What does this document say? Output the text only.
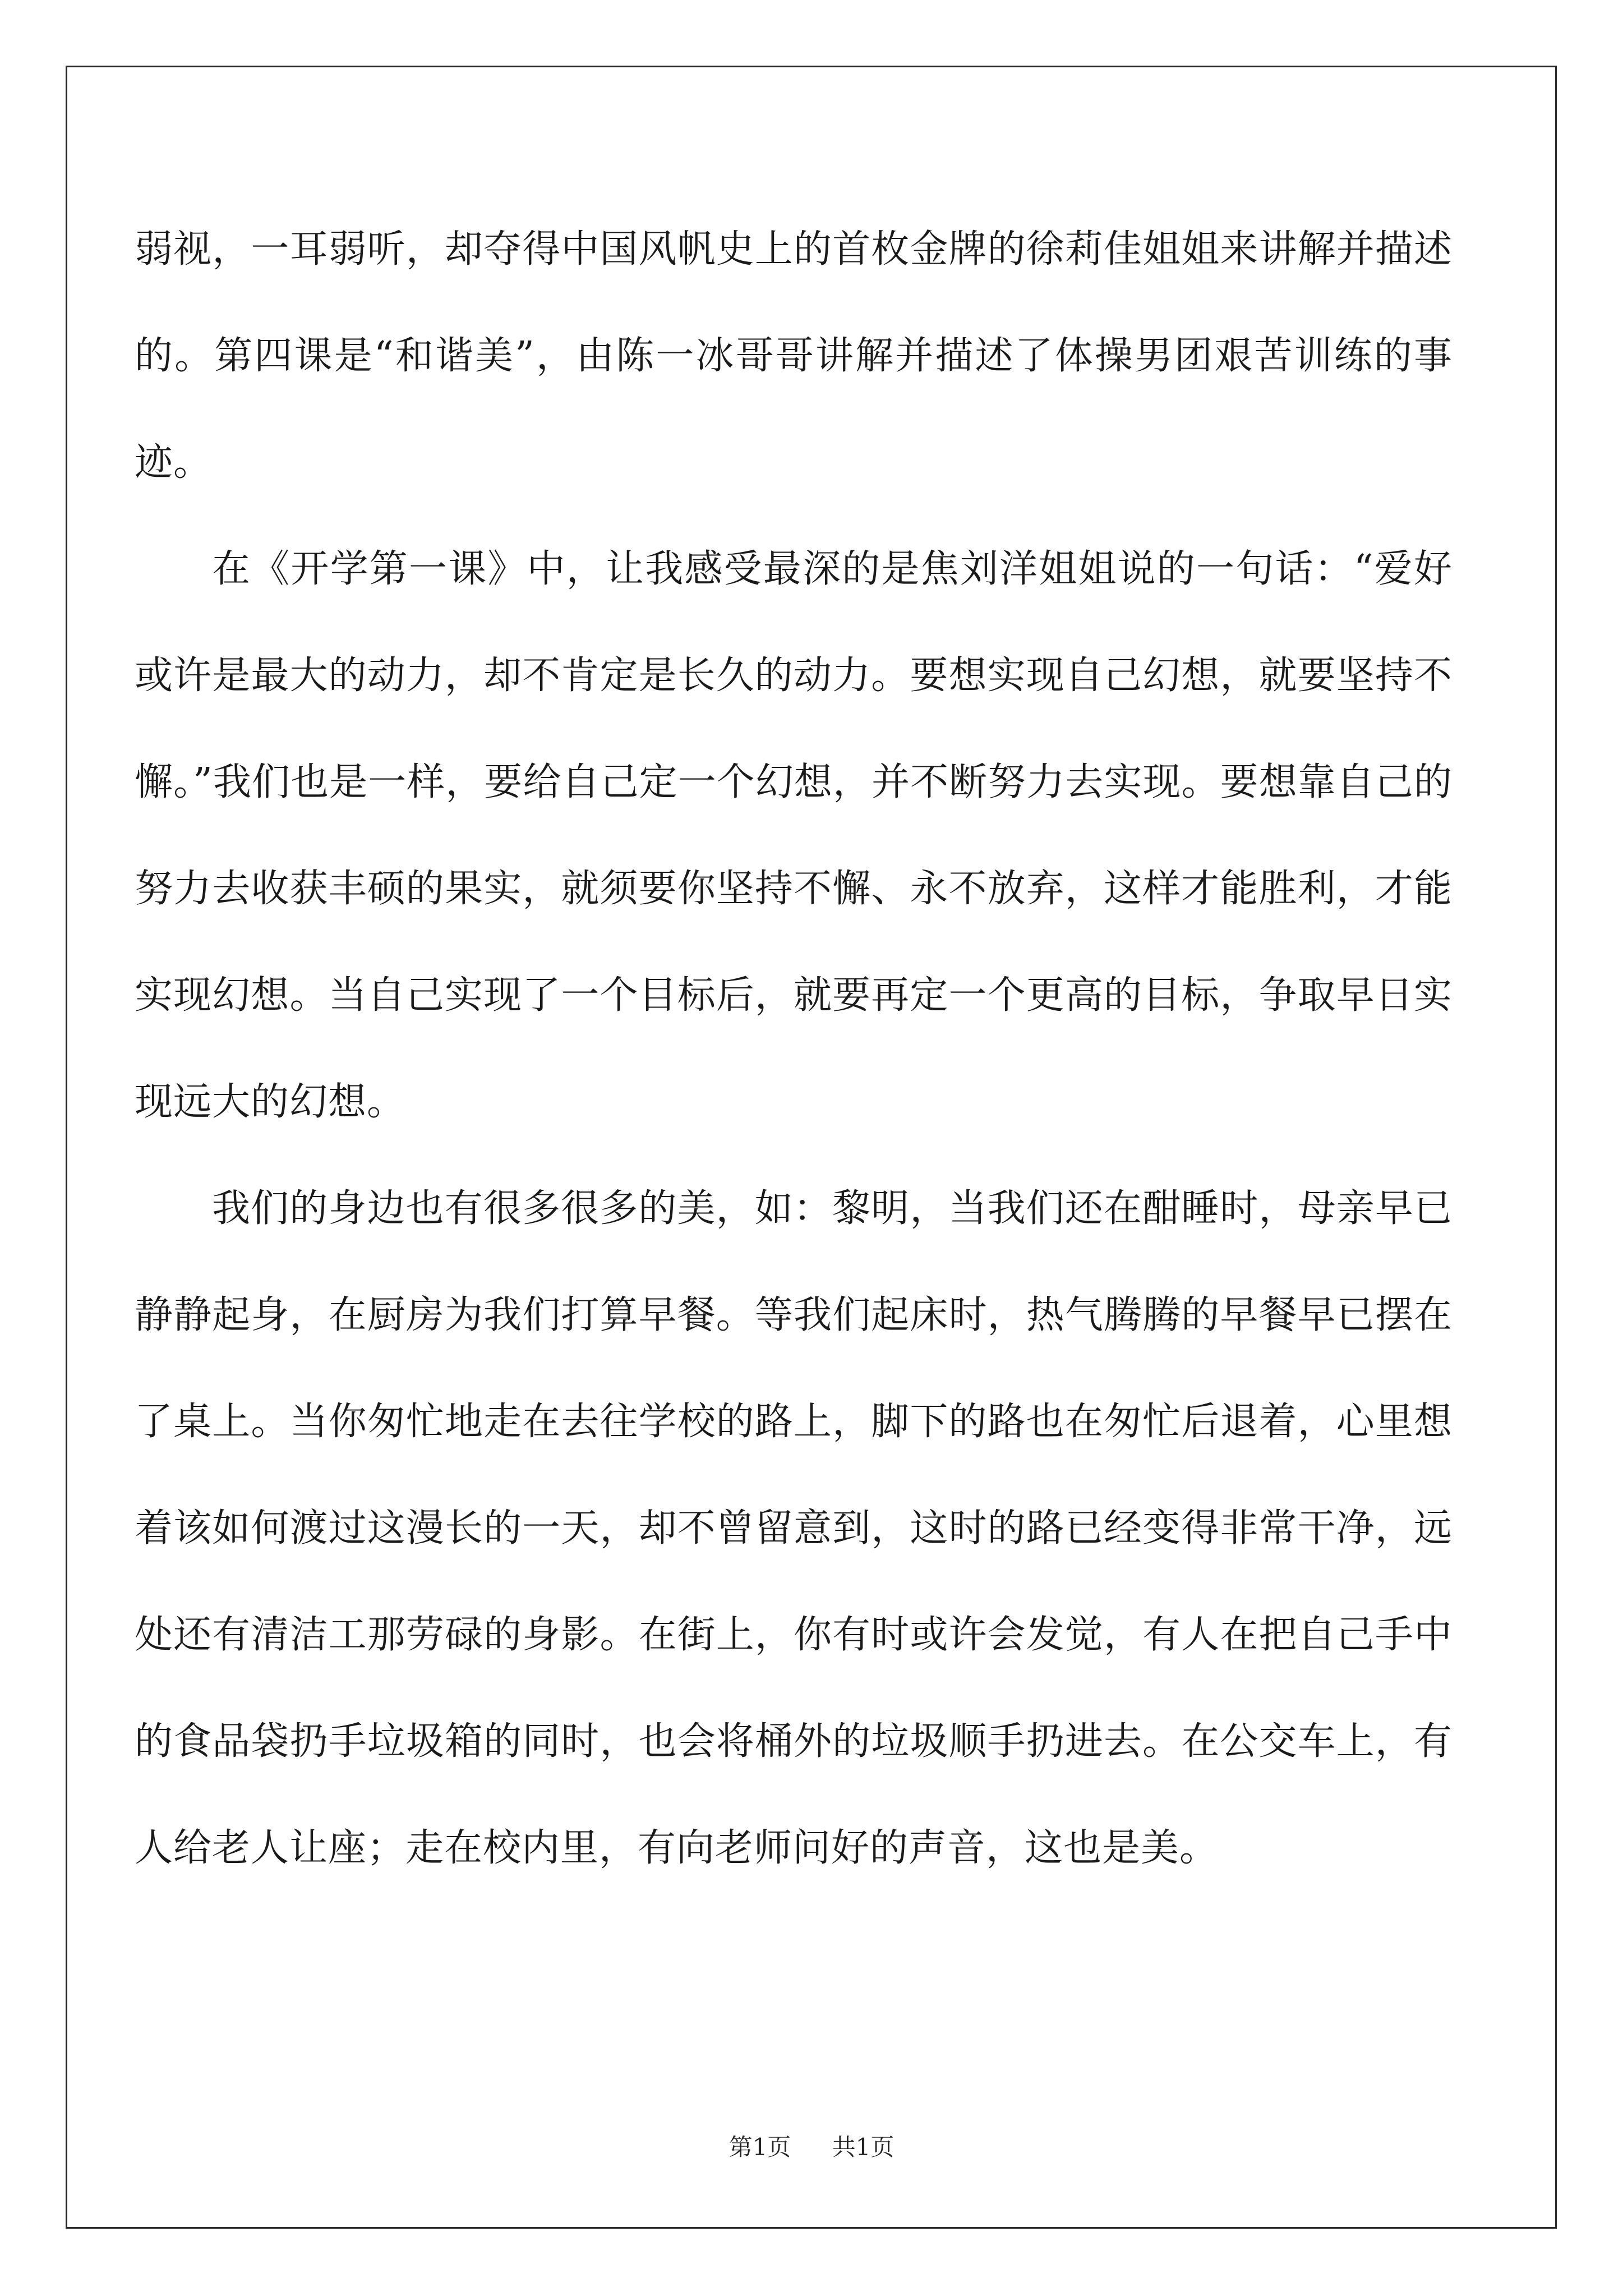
弱视，一耳弱听，却夺得中国风帆史上的首枚金牌的徐莉佳姐姐来讲解并描述的。第四课是“和谐美”，由陈一冰哥哥讲解并描述了体操男团艰苦训练的事迹。

在《开学第一课》中，让我感受最深的是焦刘洋姐姐说的一句话：“爱好或许是最大的动力，却不肯定是长久的动力。要想实现自己幻想，就要坚持不懈。”我们也是一样，要给自己定一个幻想，并不断努力去实现。要想靠自己的努力去收获丰硕的果实，就须要你坚持不懈、永不放弃，这样才能胜利，才能实现幻想。当自己实现了一个目标后，就要再定一个更高的目标，争取早日实现远大的幻想。

我们的身边也有很多很多的美，如：黎明，当我们还在酣睡时，母亲早已静静起身，在厨房为我们打算早餐。等我们起床时，热气腾腾的早餐早已摆在了桌上。当你匆忙地走在去往学校的路上，脚下的路也在匆忙后退着，心里想着该如何渡过这漫长的一天，却不曾留意到，这时的路已经变得非常干净，远处还有清洁工那劳碌的身影。在街上，你有时或许会发觉，有人在把自己手中的食品袋扔手垃圾箱的同时，也会将桶外的垃圾顺手扔进去。在公交车上，有人给老人让座；走在校内里，有向老师问好的声音，这也是美。

第1页 共1页
